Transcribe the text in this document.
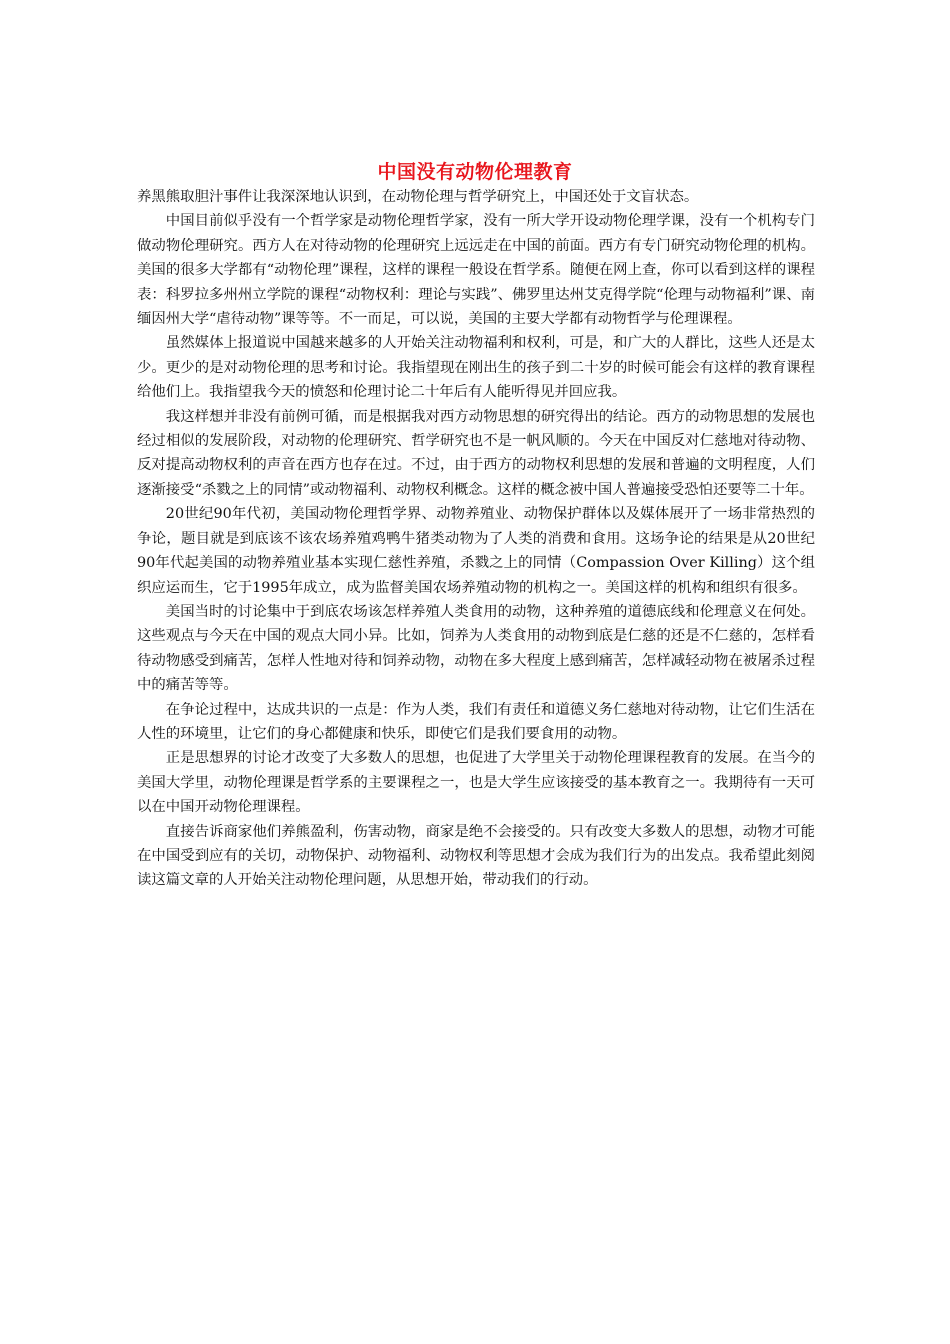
中国没有动物伦理教育

养黑熊取胆汁事件让我深深地认识到，在动物伦理与哲学研究上，中国还处于文盲状态。

中国目前似乎没有一个哲学家是动物伦理哲学家，没有一所大学开设动物伦理学课，没有一个机构专门做动物伦理研究。西方人在对待动物的伦理研究上远远走在中国的前面。西方有专门研究动物伦理的机构。美国的很多大学都有“动物伦理”课程，这样的课程一般设在哲学系。随便在网上查，你可以看到这样的课程表：科罗拉多州州立学院的课程“动物权利：理论与实践”、佛罗里达州艾克得学院“伦理与动物福利”课、南缅因州大学“虐待动物”课等等。不一而足，可以说，美国的主要大学都有动物哲学与伦理课程。

虽然媒体上报道说中国越来越多的人开始关注动物福利和权利，可是，和广大的人群比，这些人还是太少。更少的是对动物伦理的思考和讨论。我指望现在刚出生的孩子到二十岁的时候可能会有这样的教育课程给他们上。我指望我今天的愤怒和伦理讨论二十年后有人能听得见并回应我。

我这样想并非没有前例可循，而是根据我对西方动物思想的研究得出的结论。西方的动物思想的发展也经过相似的发展阶段，对动物的伦理研究、哲学研究也不是一帆风顺的。今天在中国反对仁慈地对待动物、反对提高动物权利的声音在西方也存在过。不过，由于西方的动物权利思想的发展和普遍的文明程度，人们逐渐接受“杀戮之上的同情”或动物福利、动物权利概念。这样的概念被中国人普遍接受恐怕还要等二十年。

20世纪90年代初，美国动物伦理哲学界、动物养殖业、动物保护群体以及媒体展开了一场非常热烈的争论，题目就是到底该不该农场养殖鸡鸭牛猪类动物为了人类的消费和食用。这场争论的结果是从20世纪90年代起美国的动物养殖业基本实现仁慈性养殖，杀戮之上的同情（Compassion Over Killing）这个组织应运而生，它于1995年成立，成为监督美国农场养殖动物的机构之一。美国这样的机构和组织有很多。

美国当时的讨论集中于到底农场该怎样养殖人类食用的动物，这种养殖的道德底线和伦理意义在何处。这些观点与今天在中国的观点大同小异。比如，饲养为人类食用的动物到底是仁慈的还是不仁慈的，怎样看待动物感受到痛苦，怎样人性地对待和饲养动物，动物在多大程度上感到痛苦，怎样减轻动物在被屠杀过程中的痛苦等等。

在争论过程中，达成共识的一点是：作为人类，我们有责任和道德义务仁慈地对待动物，让它们生活在人性的环境里，让它们的身心都健康和快乐，即使它们是我们要食用的动物。

正是思想界的讨论才改变了大多数人的思想，也促进了大学里关于动物伦理课程教育的发展。在当今的美国大学里，动物伦理课是哲学系的主要课程之一，也是大学生应该接受的基本教育之一。我期待有一天可以在中国开动物伦理课程。

直接告诉商家他们养熊盈利，伤害动物，商家是绝不会接受的。只有改变大多数人的思想，动物才可能在中国受到应有的关切，动物保护、动物福利、动物权利等思想才会成为我们行为的出发点。我希望此刻阅读这篇文章的人开始关注动物伦理问题，从思想开始，带动我们的行动。
